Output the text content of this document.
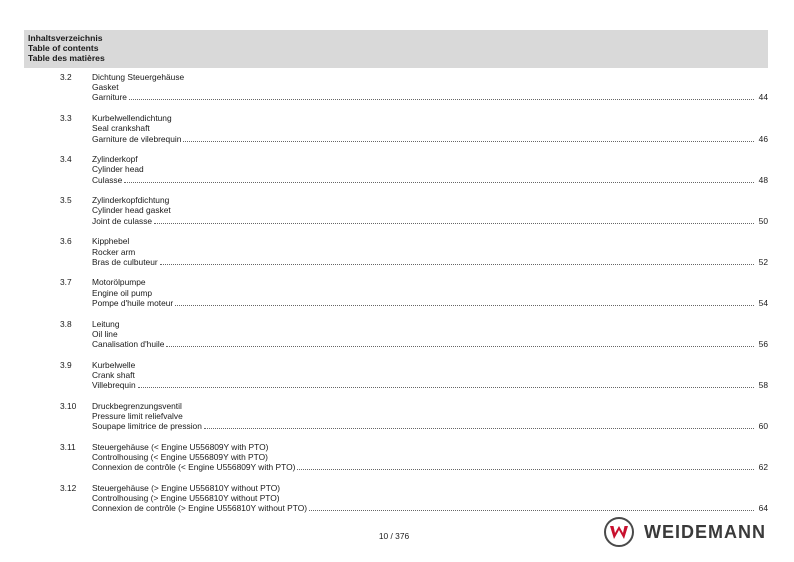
Inhaltsverzeichnis
Table of contents
Table des matières
3.2 Dichtung Steuergehäuse
Gasket
Garniture	44
3.3 Kurbelwellendichtung
Seal crankshaft
Garniture de vilebrequin	46
3.4 Zylinderkopf
Cylinder head
Culasse	48
3.5 Zylinderkopfdichtung
Cylinder head gasket
Joint de culasse	50
3.6 Kipphebel
Rocker arm
Bras de culbuteur	52
3.7 Motorölpumpe
Engine oil pump
Pompe d'huile moteur	54
3.8 Leitung
Oil line
Canalisation d'huile	56
3.9 Kurbelwelle
Crank shaft
Villebrequin	58
3.10 Druckbegrenzungsventil
Pressure limit reliefvalve
Soupape limitrice de pression	60
3.11 Steuergehäuse (< Engine U556809Y with PTO)
Controlhousing (< Engine U556809Y with PTO)
Connexion de contrôle (< Engine U556809Y with PTO)	62
3.12 Steuergehäuse (> Engine U556810Y without PTO)
Controlhousing (> Engine U556810Y without PTO)
Connexion de contrôle (> Engine U556810Y without PTO)	64
10 / 376	WEIDEMANN
